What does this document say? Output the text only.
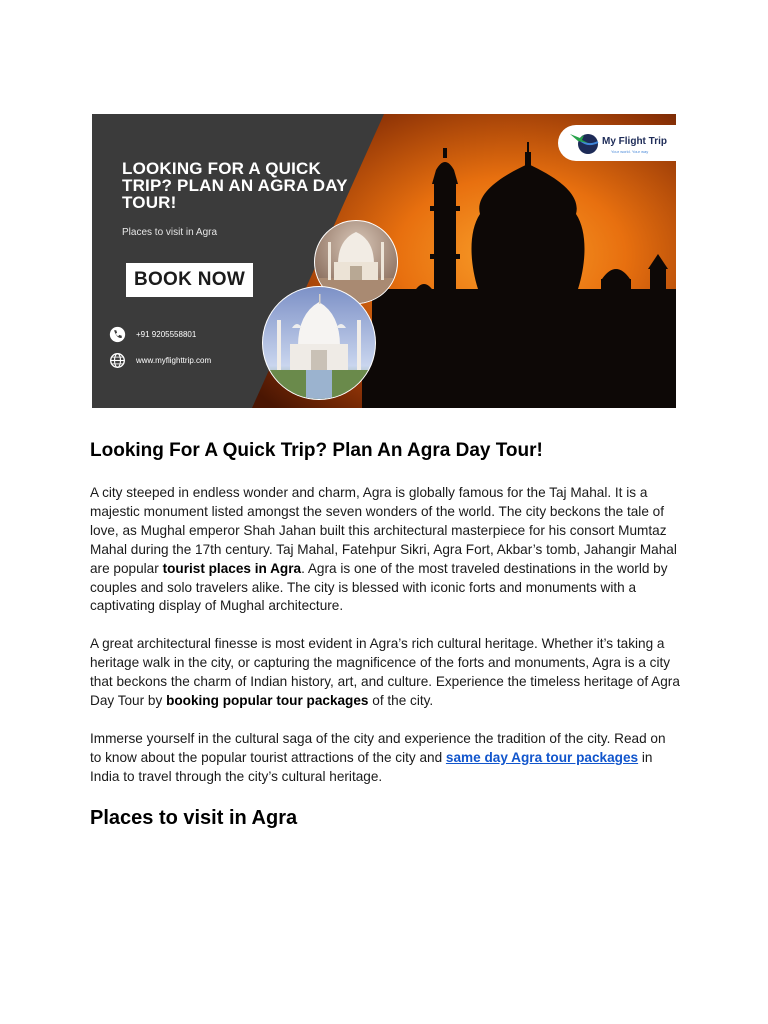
LOOKING FOR A QUICK TRIP? PLAN AN AGRA DAY TOUR!
Places to visit in Agra
BOOK NOW
+91 9205558801
www.myflighttrip.com
My Flight Trip
Your world. Your way
Looking For A Quick Trip? Plan An Agra Day Tour!

A city steeped in endless wonder and charm, Agra is globally famous for the Taj Mahal. It is a majestic monument listed amongst the seven wonders of the world. The city beckons the tale of love, as Mughal emperor Shah Jahan built this architectural masterpiece for his consort Mumtaz Mahal during the 17th century. Taj Mahal, Fatehpur Sikri, Agra Fort, Akbar’s tomb, Jahangir Mahal are popular tourist places in Agra. Agra is one of the most traveled destinations in the world by couples and solo travelers alike. The city is blessed with iconic forts and monuments with a captivating display of Mughal architecture.

A great architectural finesse is most evident in Agra’s rich cultural heritage. Whether it’s taking a heritage walk in the city, or capturing the magnificence of the forts and monuments, Agra is a city that beckons the charm of Indian history, art, and culture. Experience the timeless heritage of Agra Day Tour by booking popular tour packages of the city.

Immerse yourself in the cultural saga of the city and experience the tradition of the city. Read on to know about the popular tourist attractions of the city and same day Agra tour packages in India to travel through the city’s cultural heritage.

Places to visit in Agra
